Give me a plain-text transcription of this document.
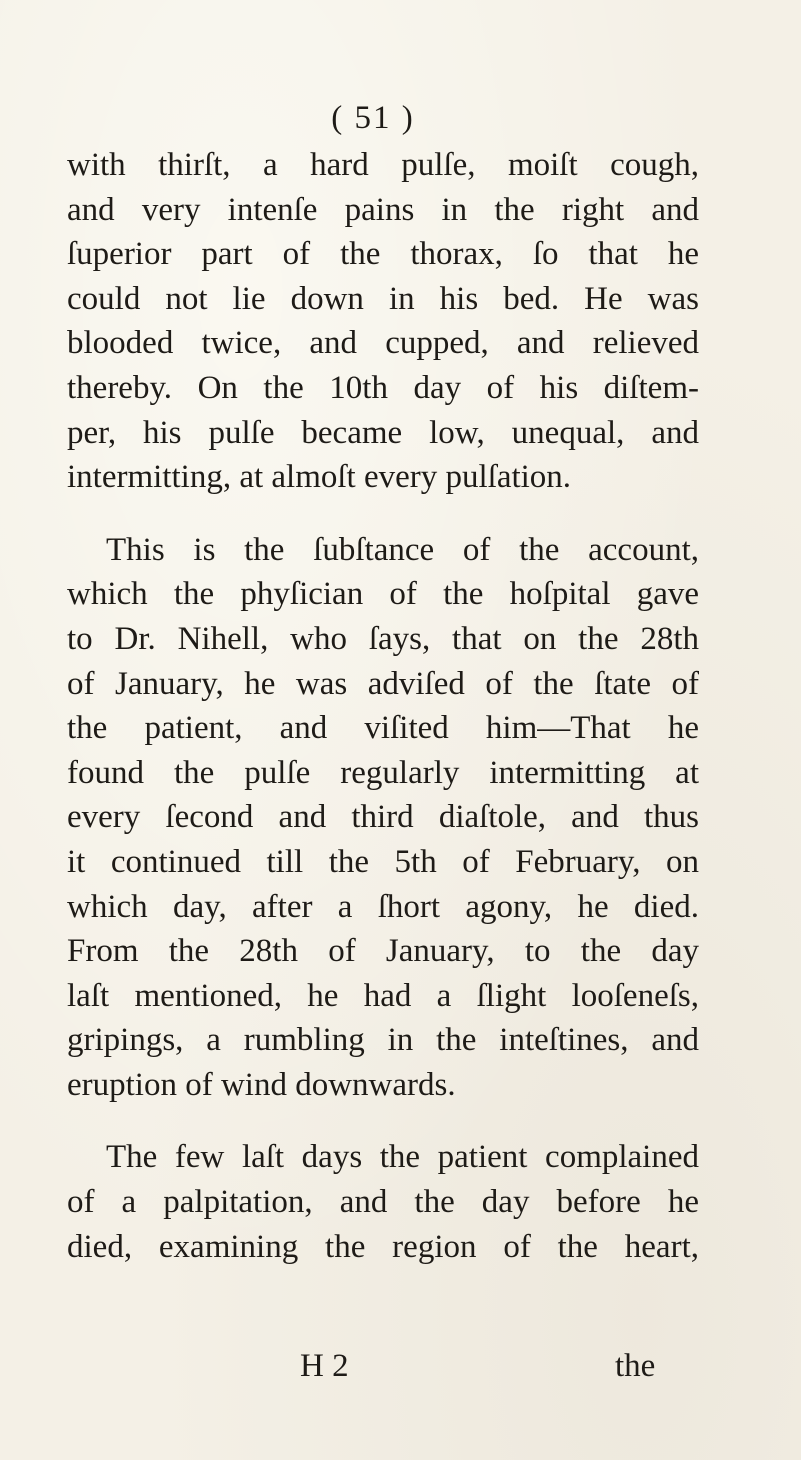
( 51 )
with thirſt, a hard pulſe, moiſt cough,
and very intenſe pains in the right and
ſuperior part of the thorax, ſo that he
could not lie down in his bed. He was
blooded twice, and cupped, and relieved
thereby. On the 10th day of his diſtem-
per, his pulſe became low, unequal, and
intermitting, at almoſt every pulſation.
This is the ſubſtance of the account,
which the phyſician of the hoſpital gave
to Dr. Nihell, who ſays, that on the 28th
of January, he was adviſed of the ſtate of
the patient, and viſited him—That he
found the pulſe regularly intermitting at
every ſecond and third diaſtole, and thus
it continued till the 5th of February, on
which day, after a ſhort agony, he died.
From the 28th of January, to the day
laſt mentioned, he had a ſlight looſeneſs,
gripings, a rumbling in the inteſtines, and
eruption of wind downwards.
The few laſt days the patient complained
of a palpitation, and the day before he
died, examining the region of the heart,
H 2	the
